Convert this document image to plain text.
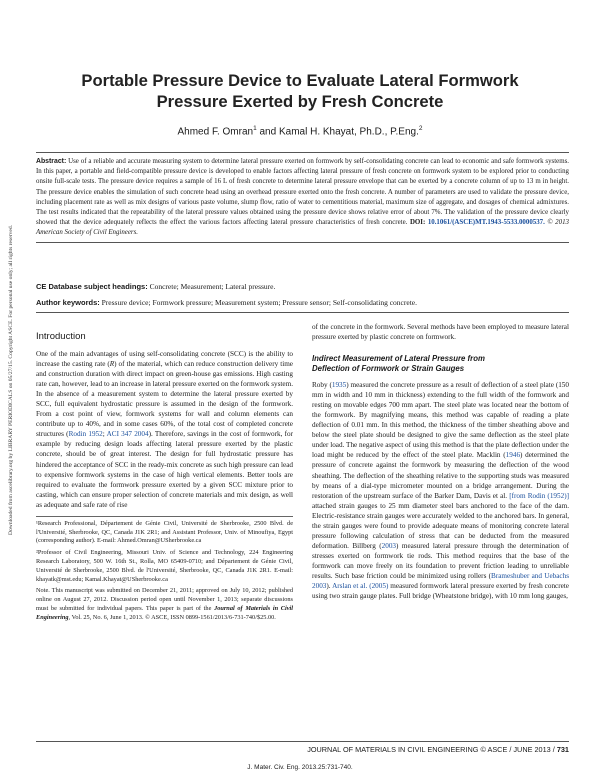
Downloaded from ascelibrary.org by LIBRARY PERIODICALS on 05/27/15. Copyright ASCE. For personal use only; all rights reserved.
Portable Pressure Device to Evaluate Lateral Formwork
Pressure Exerted by Fresh Concrete
Ahmed F. Omran$^1$ and Kamal H. Khayat, Ph.D., P.Eng.$^2$
Abstract: Use of a reliable and accurate measuring system to determine lateral pressure exerted on formwork by self-consolidating concrete can lead to economic and safe formwork systems. In this paper, a portable and field-compatible pressure device is developed to enable factors affecting lateral pressure of fresh concrete on formwork system to be explored prior to conducting onsite full-scale tests. The pressure device requires a sample of 16 L of fresh concrete to determine lateral pressure envelope that can be exerted by a concrete column of up to 13 m in height. The pressure device enables the simulation of such concrete head using an overhead pressure exerted onto the fresh concrete. A number of parameters are used to validate the pressure device, including placement rate as well as mix designs of various paste volume, slump flow, ratio of water to cementitious material, maximum size of aggregate, and dosages of chemical admixtures. The test results indicated that the repeatability of the lateral pressure values obtained using the pressure device shows relative error of about 7%. The validation of the pressure device clearly showed that the device adequately reflects the effect the various factors affecting lateral pressure characteristics of fresh concrete. DOI: 10.1061/(ASCE)MT.1943-5533.0000537. © 2013 American Society of Civil Engineers.
CE Database subject headings: Concrete; Measurement; Lateral pressure.
Author keywords: Pressure device; Formwork pressure; Measurement system; Pressure sensor; Self-consolidating concrete.
Introduction

One of the main advantages of using self-consolidating concrete (SCC) is the ability to increase the casting rate (R) of the material, which can reduce construction delivery time and construction duration with direct impact on green-house gas emissions. High casting rate can, however, lead to an increase in lateral pressure exerted on the formwork system. In the absence of a measurement system to determine the lateral pressure exerted by SCC, full equivalent hydrostatic pressure is assumed in the design of the formwork. From a cost point of view, formwork systems for wall and column elements can contribute up to 40%, and in some cases 60%, of the total cost of completed concrete structures (Rodin 1952; ACI 347 2004). Therefore, savings in the cost of formwork, for example by reducing design loads affecting lateral pressure exerted by the plastic concrete, should be of great interest. The design for full hydrostatic pressure has hindered the acceptance of SCC in the ready-mix concrete as such high pressure can lead to expensive formwork systems in the case of high vertical elements. Better tools are required to evaluate the formwork pressure exerted by a given SCC mixture prior to casting, which can ensure proper selection of concrete materials and mix design, as well as adequate and safe rate of rise

¹Research Professional, Département de Génie Civil, Université de Sherbrooke, 2500 Blvd. de l'Université, Sherbrooke, QC, Canada J1K 2R1; and Assistant Professor, Univ. of Minoufiya, Egypt (corresponding author). E-mail: Ahmed.Omran@USherbrooke.ca

²Professor of Civil Engineering, Missouri Univ. of Science and Technology, 224 Engineering Research Laboratory, 500 W. 16th St., Rolla, MO 65409-0710; and Département de Génie Civil, Université de Sherbrooke, 2500 Blvd. de l'Université, Sherbrooke, QC, Canada J1K 2R1. E-mail: khayatk@mst.edu; Kamal.Khayat@USherbrooke.ca

Note. This manuscript was submitted on December 21, 2011; approved on July 10, 2012; published online on August 27, 2012. Discussion period open until November 1, 2013; separate discussions must be submitted for individual papers. This paper is part of the Journal of Materials in Civil Engineering, Vol. 25, No. 6, June 1, 2013. © ASCE, ISSN 0899-1561/2013/6-731-740/$25.00.

of the concrete in the formwork. Several methods have been employed to measure lateral pressure exerted by plastic concrete on formwork.

Indirect Measurement of Lateral Pressure from
Deflection of Formwork or Strain Gauges

Roby (1935) measured the concrete pressure as a result of deflection of a steel plate (150 mm in width and 10 mm in thickness) extending to the full width of the formwork and resting on movable edges 700 mm apart. The steel plate was located near the bottom of the formwork. By magnifying means, this method was capable of reading a plate deflection of 0.01 mm. In this method, the thickness of the timber sheathing above and below the steel plate should be designed to give the same deflection as the steel plate under load. The negative aspect of using this method is that the plate deflection under the load might be reduced by the effect of the steel plate. Macklin (1946) determined the pressure of concrete against the formwork by measuring the deflection of the wood sheathing. The deflection of the sheathing relative to the supporting studs was measured by means of a dial-type micrometer mounted on a bridge arrangement. During the restoration of the upstream surface of the Barker Dam, Davis et al. [from Rodin (1952)] attached strain gauges to 25 mm diameter steel bars anchored to the face of the dam. Electric-resistance strain gauges were accurately welded to the anchored bars. In general, the strain gauges were found to provide adequate means of monitoring concrete lateral pressure following calculation of stress that can be deducted from the measured deformation. Billberg (2003) measured lateral pressure through the determination of stresses exerted on formwork tie rods. This method requires that the base of the formwork can move freely on its foundation to prevent friction leading to unreliable results. Such base friction could be minimized using rollers (Brameshuber and Uebachs 2003). Arslan et al. (2005) measured formwork lateral pressure exerted by fresh concrete using two strain gauge plates. Full bridge (Wheatstone bridge), with 10 mm long gauges,

JOURNAL OF MATERIALS IN CIVIL ENGINEERING © ASCE / JUNE 2013 / 731
J. Mater. Civ. Eng. 2013.25:731-740.
